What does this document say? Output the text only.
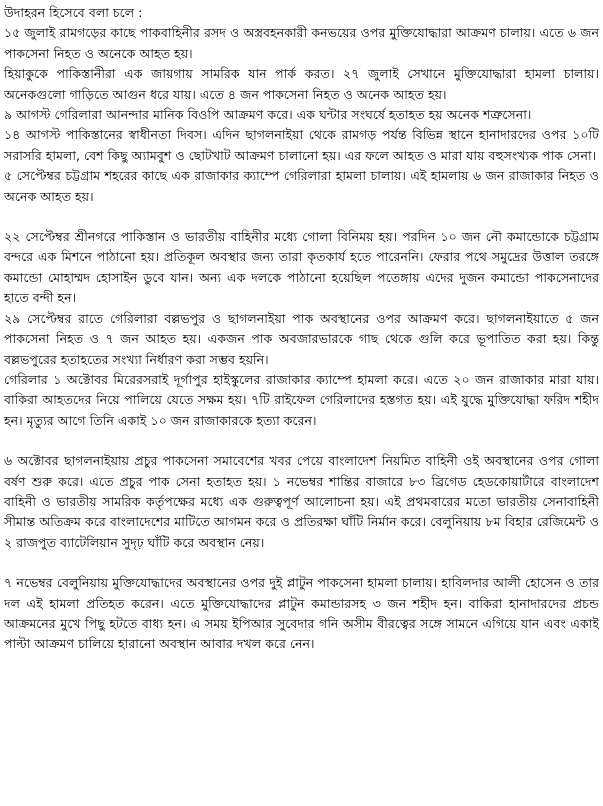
উদাহরন হিসেবে বলা চলে :

১৫ জুলাই রামগড়ের কাছে পাকবাহিনীর রসদ ও অস্ত্রবহনকারী কনভয়ের ওপর মুক্তিযোদ্ধারা আক্রমণ চালায়। এতে ৬ জন পাকসেনা নিহত ও অনেকে আহত হয়।

হিয়াকুকে পাকিস্তানীরা এক জায়গায় সামরিক যান পার্ক করত। ২৭ জুলাই সেখানে মুক্তিযোদ্ধারা হামলা চালায়। অনেকগুলো গাড়িতে আগুন ধরে যায়। এতে ৪ জন পাকসেনা নিহত ও অনেক আহত হয়।

৯ আগস্ট গেরিলারা আনন্দার মানিক বিওপি আক্রমণ করে। এক ঘন্টার সংঘর্ষে হতাহত হয় অনেক শত্রুসেনা।

১৪ আগস্ট পাকিস্তানের স্বাধীনতা দিবস। এদিন ছাগলনাইয়া থেকে রামগড় পর্যন্ত বিভিন্ন স্থানে হানাদারদের ওপর ১০টি সরাসরি হামলা, বেশ কিছু অ্যামবুশ ও ছোটখাট আক্রমণ চালানো হয়। এর ফলে আহত ও মারা যায় বহুসংখ্যক পাক সেনা।

৫ সেপ্টেম্বর চট্টগ্রাম শহরের কাছে এক রাজাকার ক্যাম্পে গেরিলারা হামলা চালায়। এই হামলায় ৬ জন রাজাকার নিহত ও অনেক আহত হয়।

২২ সেপ্টেম্বর শ্রীনগরে পাকিস্তান ও ভারতীয় বাহিনীর মধ্যে গোলা বিনিময় হয়। পরদিন ১০ জন নৌ কমান্ডোকে চট্টগ্রাম বন্দরে এক মিশনে পাঠানো হয়। প্রতিকূল অবস্থার জন্য তারা কৃতকার্য হতে পারেননি। ফেরার পথে সমুদ্রের উত্তাল তরঙ্গে কমান্ডো মোহাম্মদ হোসাইন ডুবে যান। অন্য এক দলকে পাঠানো হয়েছিল পতেঙ্গায় এদের দুজন কমান্ডো পাকসেনাদের হাতে বন্দী হন।

২৯ সেপ্টেম্বর রাতে গেরিলারা বল্লভপুর ও ছাগলনাইয়া পাক অবস্থানের ওপর আক্রমণ করে। ছাগলনাইয়াতে ৫ জন পাকসেনা নিহত ও ৭ জন আহত হয়। একজন পাক অবজারভারকে গাছ থেকে গুলি করে ভূপাতিত করা হয়। কিন্তু বল্লভপুরের হতাহতের সংখ্যা নির্ধারণ করা সম্ভব হয়নি।

গেরিলার ১ অক্টোবর মিরেরসরাই দূর্গাপুর হাইস্কুলের রাজাকার ক্যাম্পে হামলা করে। এতে ২০ জন রাজাকার মারা যায়। বাকিরা আহতদের নিয়ে পালিয়ে যেতে সক্ষম হয়। ৭টি রাইফেল গেরিলাদের হস্তগত হয়। এই যুদ্ধে মুক্তিযোদ্ধা ফরিদ শহীদ হন। মৃত্যুর আগে তিনি একাই ১০ জন রাজাকারকে হত্যা করেন।

৬ অক্টোবর ছাগলনাইয়ায় প্রচুর পাকসেনা সমাবেশের খবর পেয়ে বাংলাদেশ নিয়মিত বাহিনী ওই অবস্থানের ওপর গোলা বর্ষণ শুরু করে। এতে প্রচুর পাক সেনা হতাহত হয়। ১ নভেম্বর শান্তির বাজারে ৮৩ ব্রিগেড হেডকোয়ার্টারে বাংলাদেশ বাহিনী ও ভারতীয় সামরিক কর্তৃপক্ষের মধ্যে এক গুরুত্বপূর্ণ আলোচনা হয়। এই প্রথমবারের মতো ভারতীয় সেনাবাহিনী সীমান্ত অতিক্রম করে বাংলাদেশের মাটিতে আগমন করে ও প্রতিরক্ষা ঘাঁটি নির্মান করে। বেলুনিয়ায় ৮ম বিহার রেজিমেন্ট ও ২ রাজপুত ব্যাটেলিয়ান সুদৃঢ় ঘাঁটি করে অবস্থান নেয়।

৭ নভেম্বর বেলুনিয়ায় মুক্তিযোদ্ধাদের অবস্থানের ওপর দুই প্লাটুন পাকসেনা হামলা চালায়। হাবিলদার আলী হোসেন ও তার দল এই হামলা প্রতিহত করেন। এতে মুক্তিযোদ্ধাদের প্লাটুন কমান্ডারসহ ৩ জন শহীদ হন। বাকিরা হানাদারদের প্রচন্ড আক্রমনের মুখে পিছু হটতে বাধ্য হন। এ সময় ইপিআর সুবেদার গনি অসীম বীরত্বের সঙ্গে সামনে এগিয়ে যান এবং একাই পাল্টা আক্রমণ চালিয়ে হারানো অবস্থান আবার দখল করে নেন।
